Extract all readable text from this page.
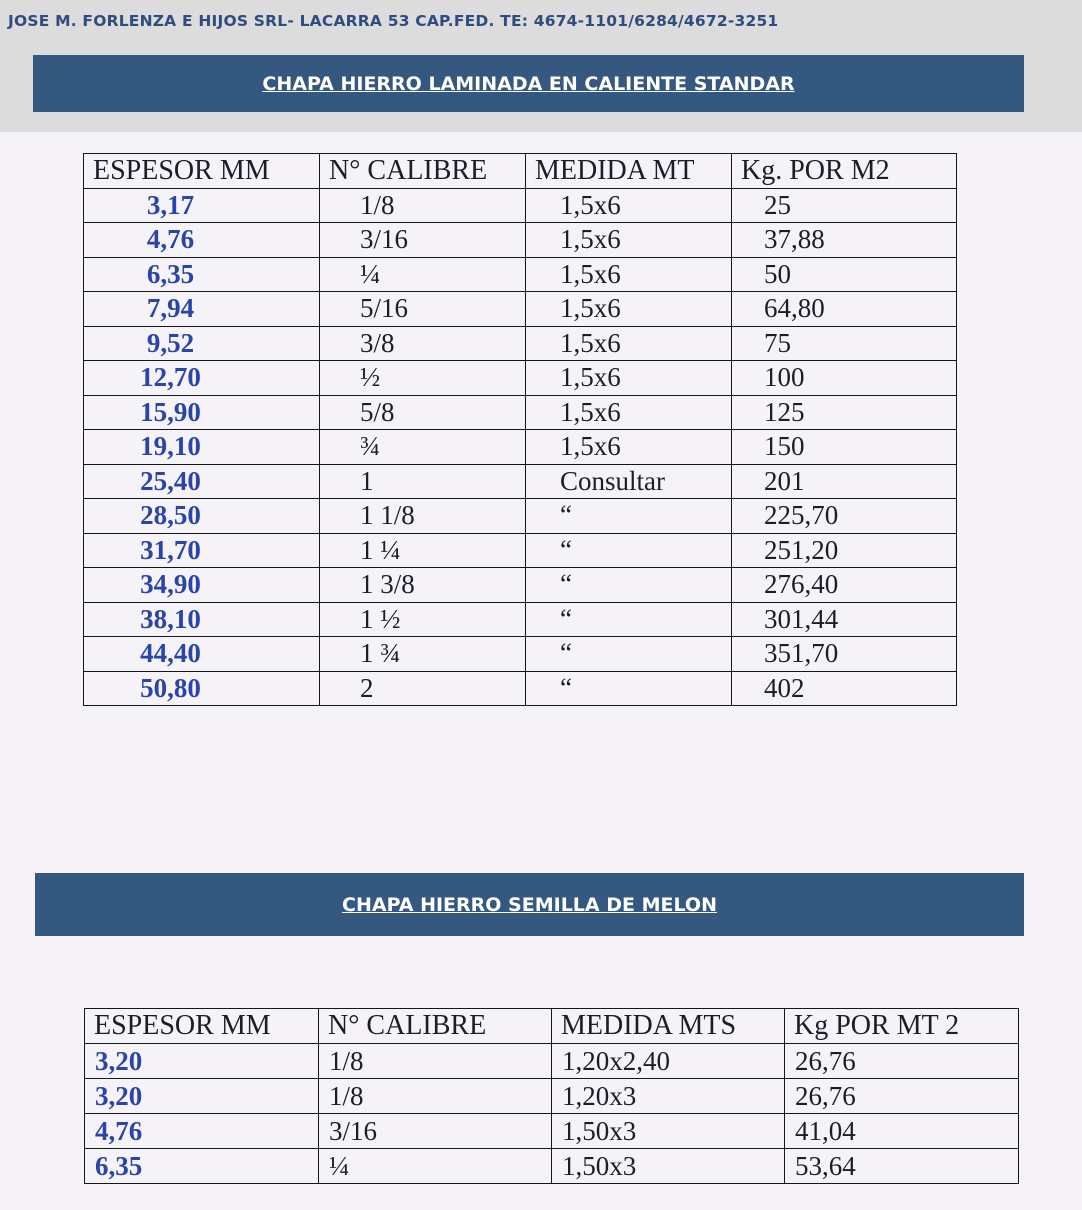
JOSE M. FORLENZA E HIJOS SRL- LACARRA 53 CAP.FED. TE: 4674-1101/6284/4672-3251
CHAPA HIERRO LAMINADA EN CALIENTE STANDAR
ESPESOR MM	N° CALIBRE	MEDIDA MT	Kg. POR M2
3,17	1/8	1,5x6	25
4,76	3/16	1,5x6	37,88
6,35	¼	1,5x6	50
7,94	5/16	1,5x6	64,80
9,52	3/8	1,5x6	75
12,70	½	1,5x6	100
15,90	5/8	1,5x6	125
19,10	¾	1,5x6	150
25,40	1	Consultar	201
28,50	1 1/8	“	225,70
31,70	1 ¼	“	251,20
34,90	1 3/8	“	276,40
38,10	1 ½	“	301,44
44,40	1 ¾	“	351,70
50,80	2	“	402
CHAPA HIERRO SEMILLA DE MELON
ESPESOR MM	N° CALIBRE	MEDIDA MTS	Kg POR MT 2
3,20	1/8	1,20x2,40	26,76
3,20	1/8	1,20x3	26,76
4,76	3/16	1,50x3	41,04
6,35	¼	1,50x3	53,64
